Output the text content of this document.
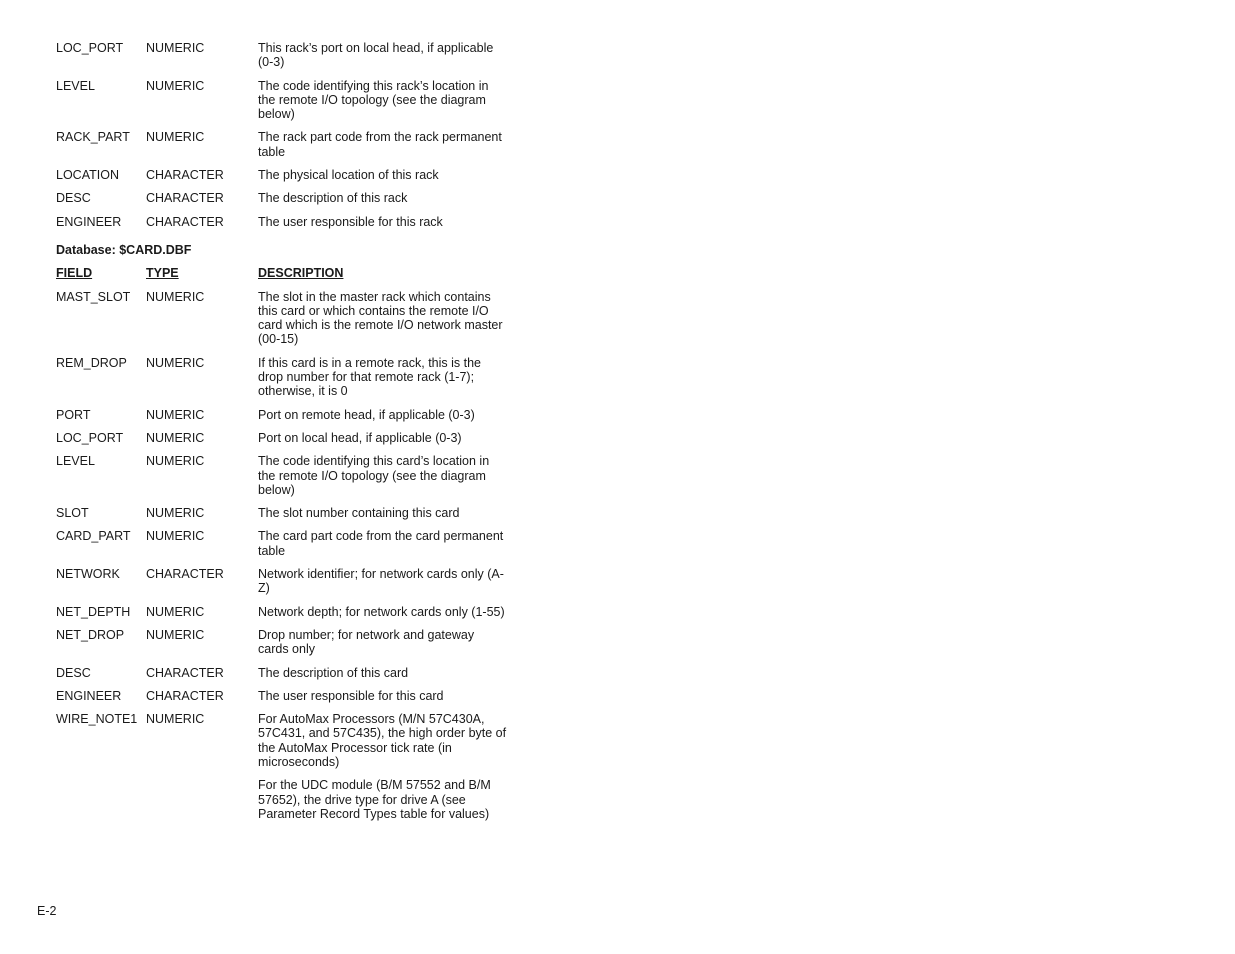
LOC_PORT	NUMERIC	This rack’s port on local head, if applicable (0-3)
LEVEL	NUMERIC	The code identifying this rack’s location in the remote I/O topology (see the diagram below)
RACK_PART	NUMERIC	The rack part code from the rack permanent table
LOCATION	CHARACTER	The physical location of this rack
DESC	CHARACTER	The description of this rack
ENGINEER	CHARACTER	The user responsible for this rack
Database: $CARD.DBF
FIELD	TYPE	DESCRIPTION
MAST_SLOT	NUMERIC	The slot in the master rack which contains this card or which contains the remote I/O card which is the remote I/O network master (00-15)
REM_DROP	NUMERIC	If this card is in a remote rack, this is the drop number for that remote rack (1-7); otherwise, it is 0
PORT	NUMERIC	Port on remote head, if applicable (0-3)
LOC_PORT	NUMERIC	Port on local head, if applicable (0-3)
LEVEL	NUMERIC	The code identifying this card’s location in the remote I/O topology (see the diagram below)
SLOT	NUMERIC	The slot number containing this card
CARD_PART	NUMERIC	The card part code from the card permanent table
NETWORK	CHARACTER	Network identifier; for network cards only (A-Z)
NET_DEPTH	NUMERIC	Network depth; for network cards only (1-55)
NET_DROP	NUMERIC	Drop number; for network and gateway cards only
DESC	CHARACTER	The description of this card
ENGINEER	CHARACTER	The user responsible for this card
WIRE_NOTE1 NUMERIC	For AutoMax Processors (M/N 57C430A, 57C431, and 57C435), the high order byte of the AutoMax Processor tick rate (in microseconds)
For the UDC module (B/M 57552 and B/M 57652), the drive type for drive A (see Parameter Record Types table for values)
E-2
